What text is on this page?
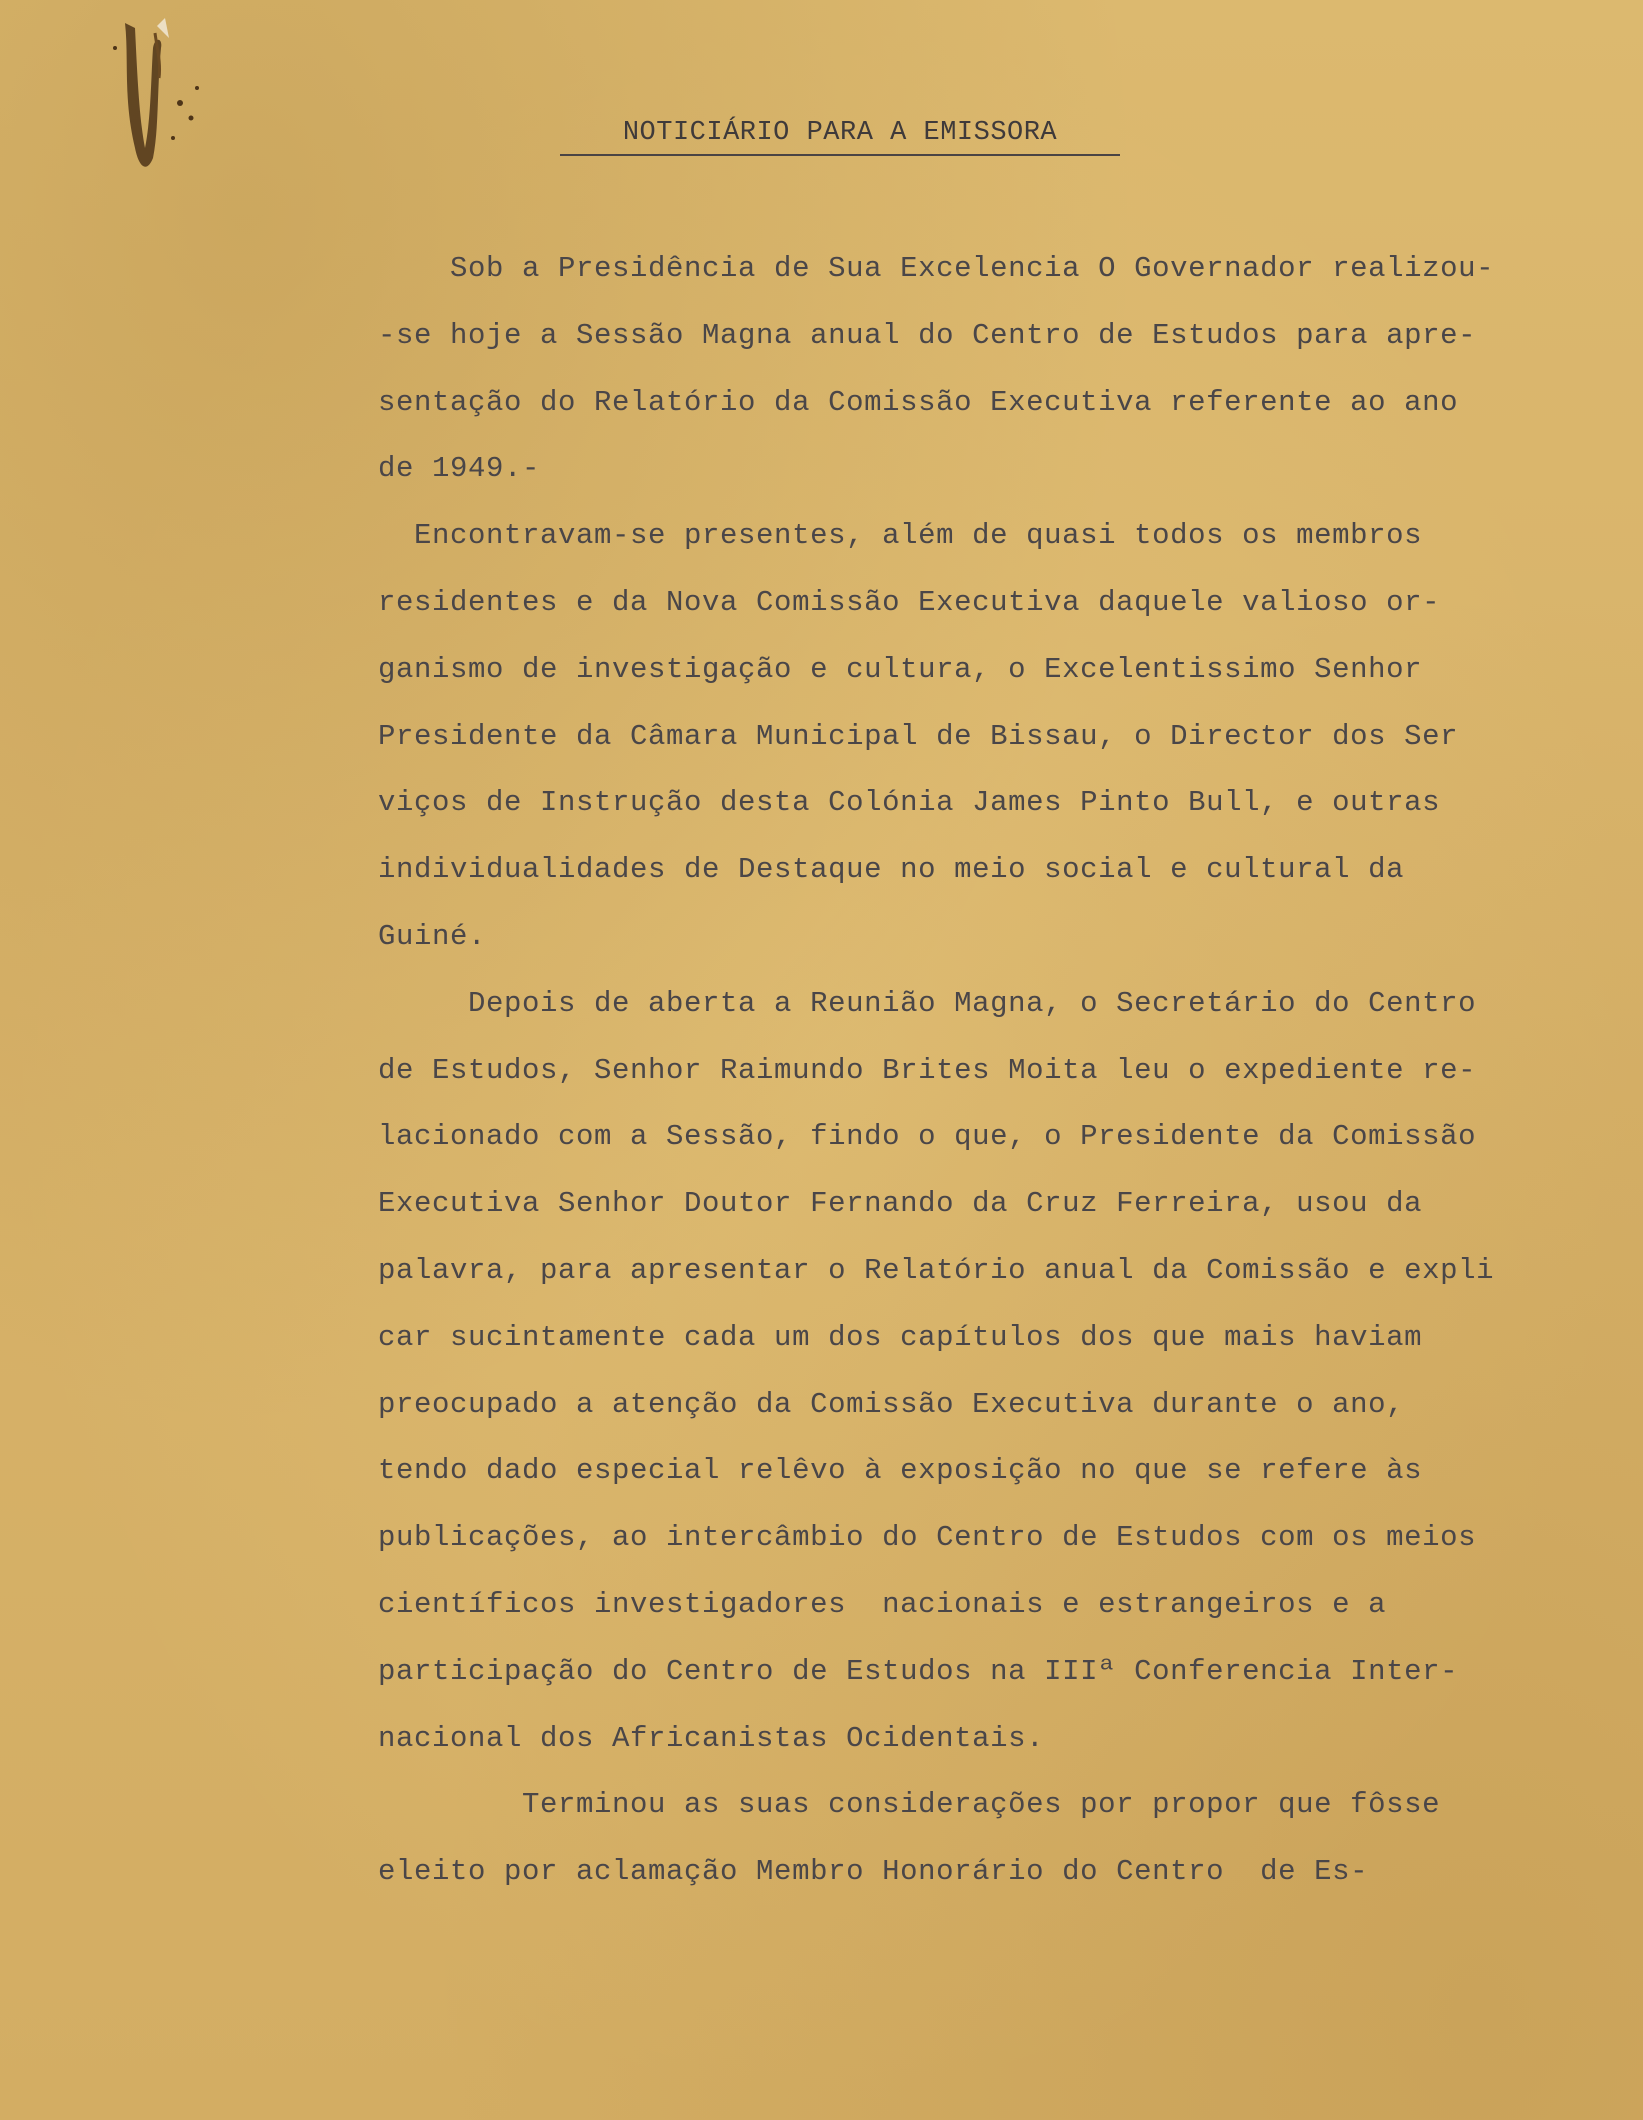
NOTICIÁRIO PARA A EMISSORA
Sob a Presidência de Sua Excelencia O Governador realizou-
-se hoje a Sessão Magna anual do Centro de Estudos para apre-
sentação do Relatório da Comissão Executiva referente ao ano
de 1949.-
Encontravam-se presentes, além de quasi todos os membros
residentes e da Nova Comissão Executiva daquele valioso or-
ganismo de investigação e cultura, o Excelentissimo Senhor
Presidente da Câmara Municipal de Bissau, o Director dos Ser
viços de Instrução desta Colónia James Pinto Bull, e outras
individualidades de Destaque no meio social e cultural da
Guiné.
Depois de aberta a Reunião Magna, o Secretário do Centro
de Estudos, Senhor Raimundo Brites Moita leu o expediente re-
lacionado com a Sessão, findo o que, o Presidente da Comissão
Executiva Senhor Doutor Fernando da Cruz Ferreira, usou da
palavra, para apresentar o Relatório anual da Comissão e expli
car sucintamente cada um dos capítulos dos que mais haviam
preocupado a atenção da Comissão Executiva durante o ano,
tendo dado especial relêvo à exposição no que se refere às
publicações, ao intercâmbio do Centro de Estudos com os meios
científicos investigadores  nacionais e estrangeiros e a
participação do Centro de Estudos na IIIª Conferencia Inter-
nacional dos Africanistas Ocidentais.
Terminou as suas considerações por propor que fôsse
eleito por aclamação Membro Honorário do Centro  de Es-
